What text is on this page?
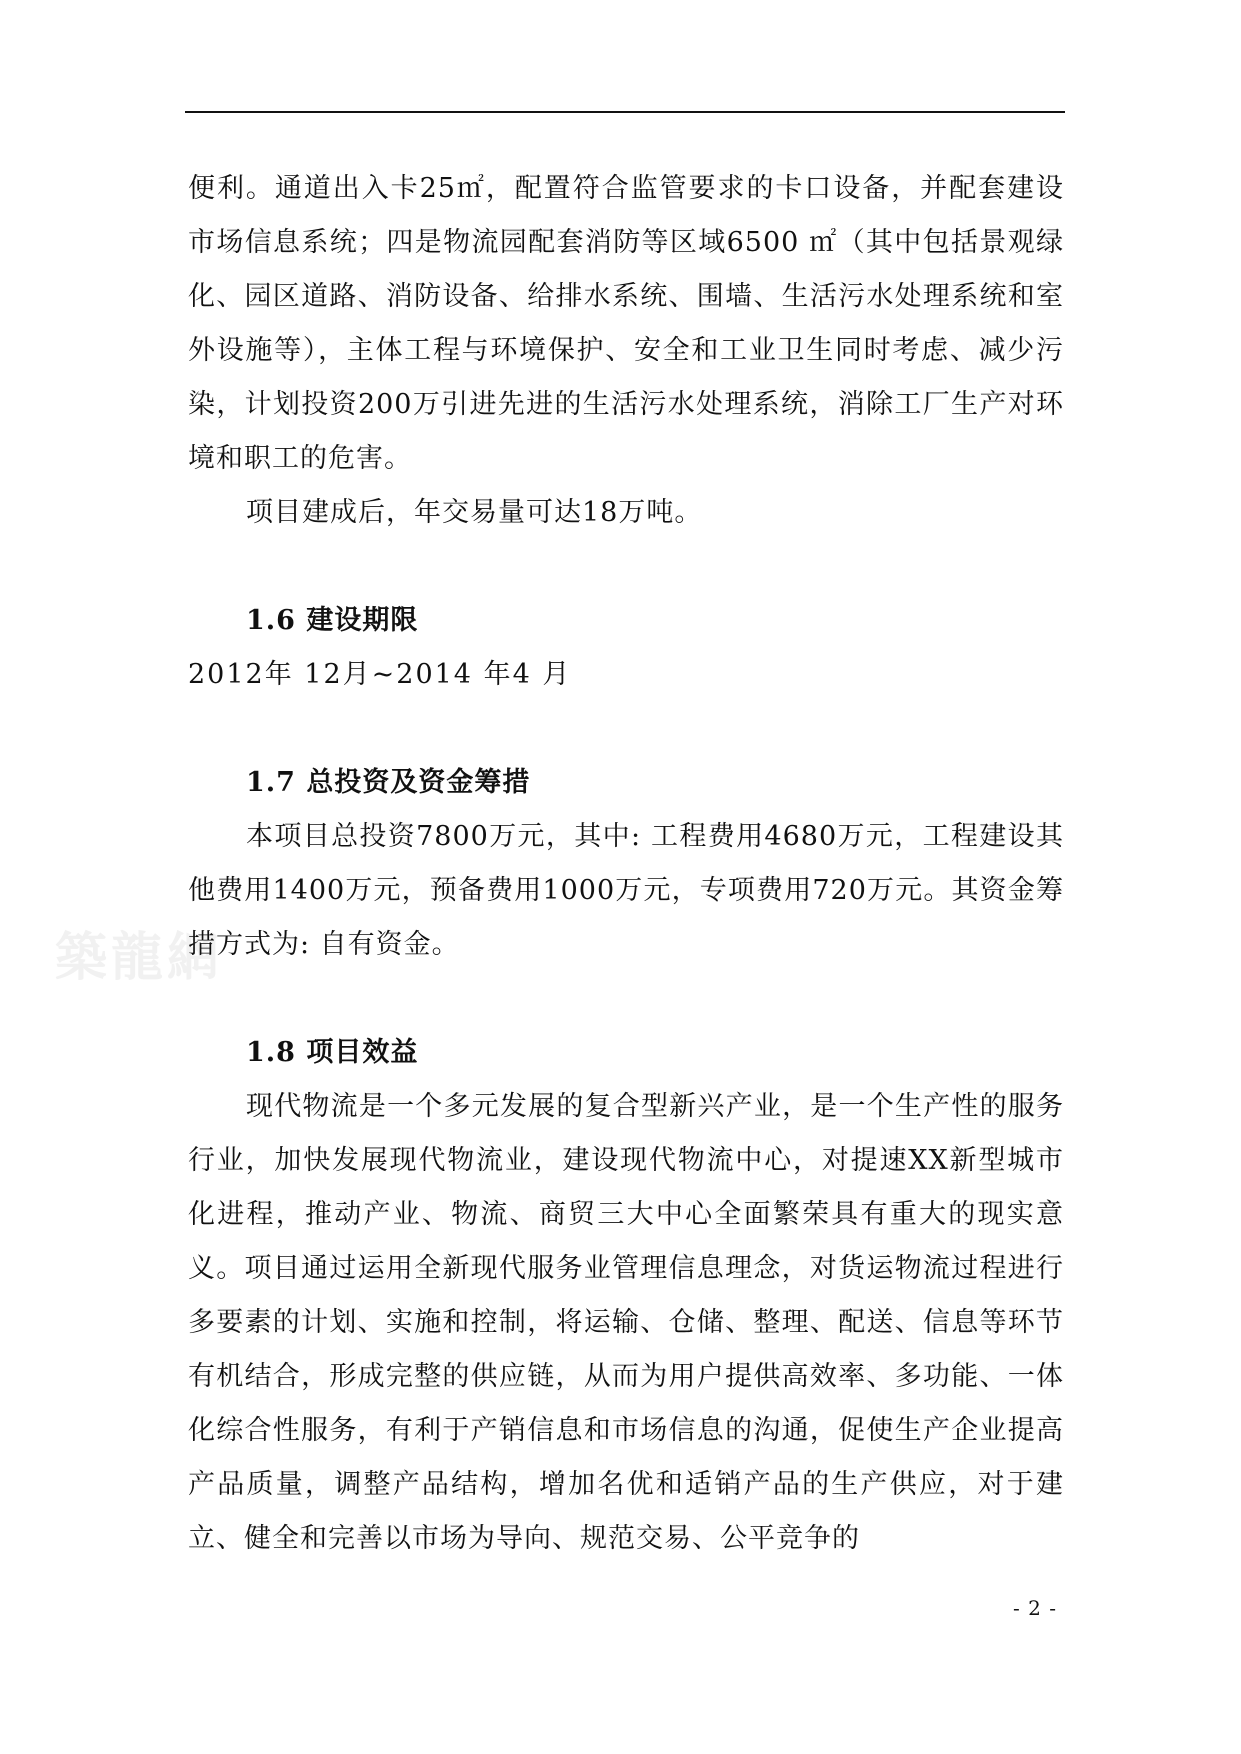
築龍網

便利。通道出入卡25㎡，配置符合监管要求的卡口设备，并配套建设市场信息系统；四是物流园配套消防等区域6500 ㎡（其中包括景观绿化、园区道路、消防设备、给排水系统、围墙、生活污水处理系统和室外设施等），主体工程与环境保护、安全和工业卫生同时考虑、减少污染，计划投资200万引进先进的生活污水处理系统，消除工厂生产对环境和职工的危害。

项目建成后，年交易量可达18万吨。

1.6 建设期限

2012年 12月~2014 年4 月

1.7 总投资及资金筹措

本项目总投资7800万元，其中: 工程费用4680万元，工程建设其他费用1400万元，预备费用1000万元，专项费用720万元。其资金筹措方式为: 自有资金。

1.8 项目效益

现代物流是一个多元发展的复合型新兴产业，是一个生产性的服务行业，加快发展现代物流业，建设现代物流中心，对提速XX新型城市化进程，推动产业、物流、商贸三大中心全面繁荣具有重大的现实意义。项目通过运用全新现代服务业管理信息理念，对货运物流过程进行多要素的计划、实施和控制，将运输、仓储、整理、配送、信息等环节有机结合，形成完整的供应链，从而为用户提供高效率、多功能、一体化综合性服务，有利于产销信息和市场信息的沟通，促使生产企业提高产品质量，调整产品结构，增加名优和适销产品的生产供应，对于建立、健全和完善以市场为导向、规范交易、公平竞争的

- 2 -
